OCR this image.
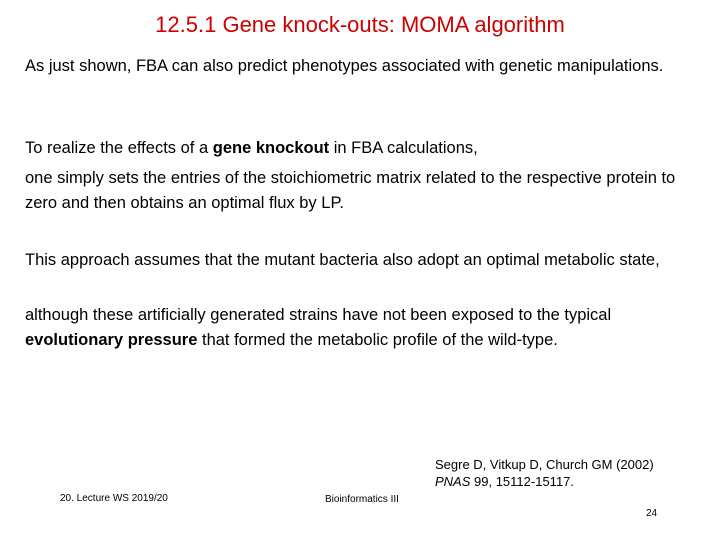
12.5.1 Gene knock-outs: MOMA algorithm

As just shown, FBA can also predict phenotypes associated with genetic manipulations.

To realize the effects of a gene knockout in FBA calculations,

one simply sets the entries of the stoichiometric matrix related to the respective protein to zero and then obtains an optimal flux by LP.

This approach assumes that the mutant bacteria also adopt an optimal metabolic state,

although these artificially generated strains have not been exposed to the typical
evolutionary pressure that formed the metabolic profile of the wild-type.

Segre D, Vitkup D, Church GM (2002)
PNAS 99, 15112-15117.
20. Lecture WS 2019/20	Bioinformatics III
24
